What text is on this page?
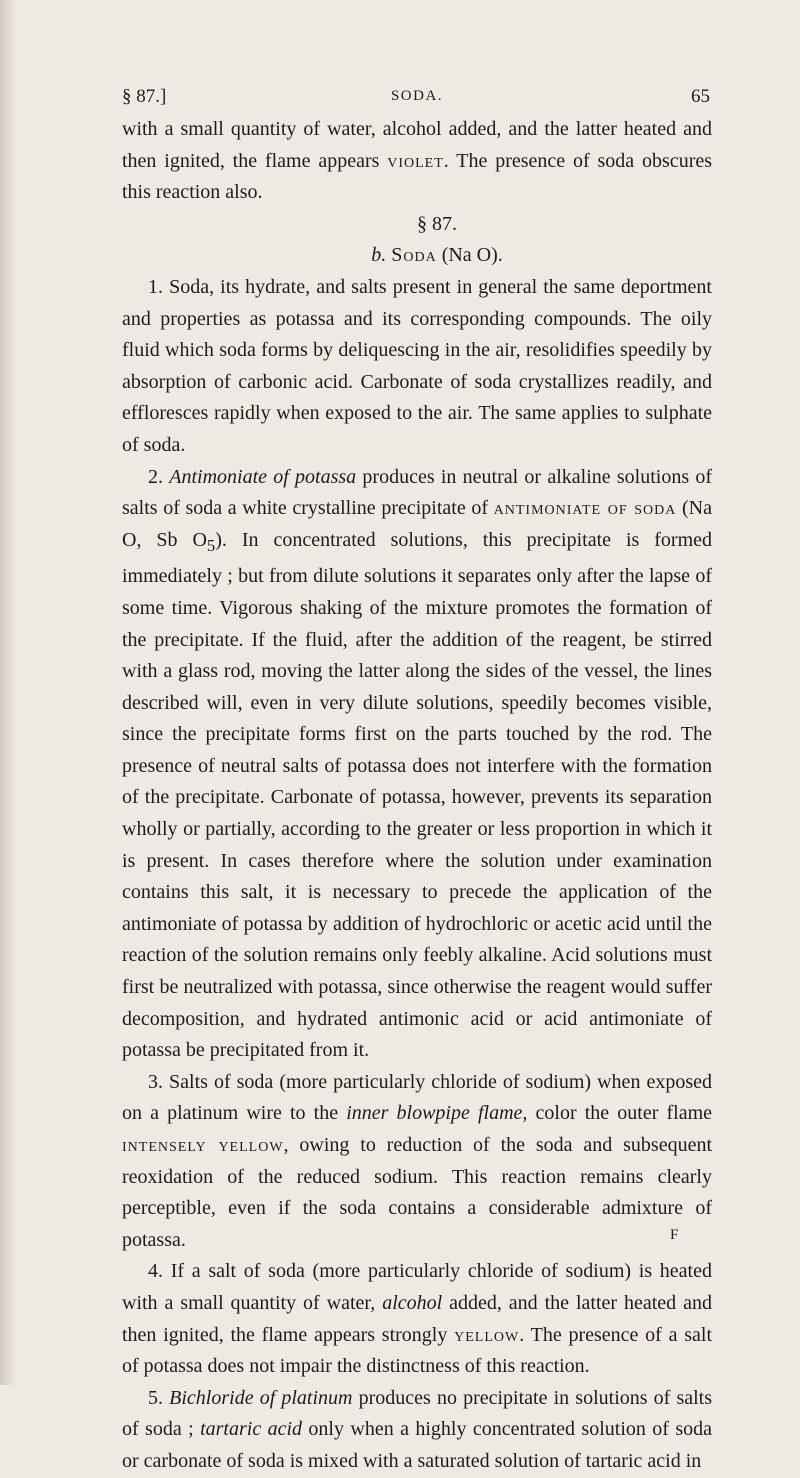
§ 87.]	SODA.	65

with a small quantity of water, alcohol added, and the latter heated and then ignited, the flame appears violet. The presence of soda obscures this reaction also.

§ 87.

b. Soda (Na O).

1. Soda, its hydrate, and salts present in general the same deportment and properties as potassa and its corresponding compounds. The oily fluid which soda forms by deliquescing in the air, resolidifies speedily by absorption of carbonic acid. Carbonate of soda crystallizes readily, and effloresces rapidly when exposed to the air. The same applies to sulphate of soda.

2. Antimoniate of potassa produces in neutral or alkaline solutions of salts of soda a white crystalline precipitate of antimoniate of soda (Na O, Sb $O_5$). In concentrated solutions, this precipitate is formed immediately ; but from dilute solutions it separates only after the lapse of some time. Vigorous shaking of the mixture promotes the formation of the precipitate. If the fluid, after the addition of the reagent, be stirred with a glass rod, moving the latter along the sides of the vessel, the lines described will, even in very dilute solutions, speedily becomes visible, since the precipitate forms first on the parts touched by the rod. The presence of neutral salts of potassa does not interfere with the formation of the precipitate. Carbonate of potassa, however, prevents its separation wholly or partially, according to the greater or less proportion in which it is present. In cases therefore where the solution under examination contains this salt, it is necessary to precede the application of the antimoniate of potassa by addition of hydrochloric or acetic acid until the reaction of the solution remains only feebly alkaline. Acid solutions must first be neutralized with potassa, since otherwise the reagent would suffer decomposition, and hydrated antimonic acid or acid antimoniate of potassa be precipitated from it.

3. Salts of soda (more particularly chloride of sodium) when exposed on a platinum wire to the inner blowpipe flame, color the outer flame intensely yellow, owing to reduction of the soda and subsequent reoxidation of the reduced sodium. This reaction remains clearly perceptible, even if the soda contains a considerable admixture of potassa.

4. If a salt of soda (more particularly chloride of sodium) is heated with a small quantity of water, alcohol added, and the latter heated and then ignited, the flame appears strongly yellow. The presence of a salt of potassa does not impair the distinctness of this reaction.

5. Bichloride of platinum produces no precipitate in solutions of salts of soda ; tartaric acid only when a highly concentrated solution of soda or carbonate of soda is mixed with a saturated solution of tartaric acid in

F
